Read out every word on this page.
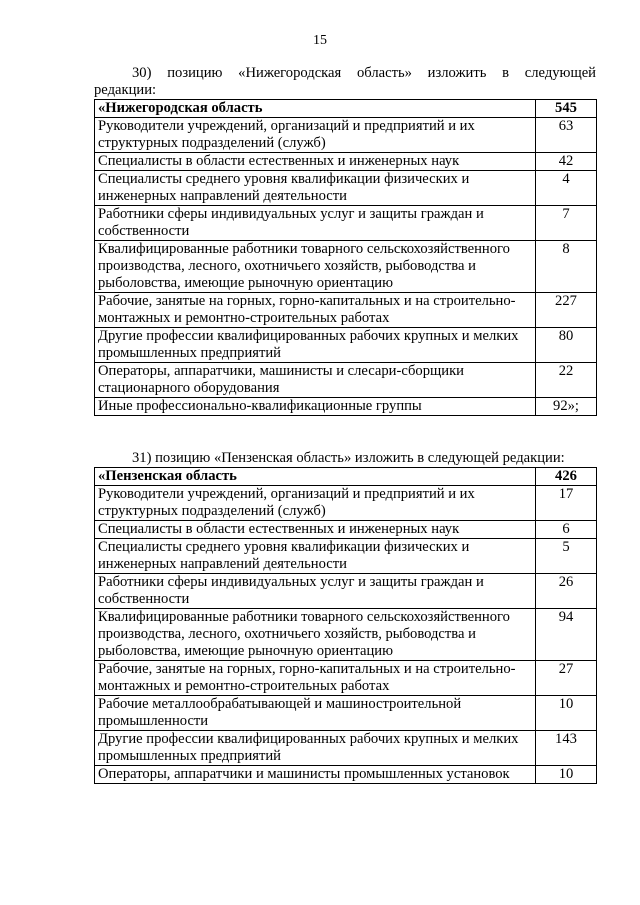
15
30) позицию «Нижегородская область» изложить в следующей
редакции:
«Нижегородская область	545
Руководители учреждений, организаций и предприятий и их структурных подразделений (служб)	63
Специалисты в области естественных и инженерных наук	42
Специалисты среднего уровня квалификации физических и инженерных направлений деятельности	4
Работники сферы индивидуальных услуг и защиты граждан и собственности	7
Квалифицированные работники товарного сельскохозяйственного производства, лесного, охотничьего хозяйств, рыбоводства и рыболовства, имеющие рыночную ориентацию	8
Рабочие, занятые на горных, горно-капитальных и на строительно-монтажных и ремонтно-строительных работах	227
Другие профессии квалифицированных рабочих крупных и мелких промышленных предприятий	80
Операторы, аппаратчики, машинисты и слесари-сборщики стационарного оборудования	22
Иные профессионально-квалификационные группы	92»;
31) позицию «Пензенская область» изложить в следующей редакции:
«Пензенская область	426
Руководители учреждений, организаций и предприятий и их структурных подразделений (служб)	17
Специалисты в области естественных и инженерных наук	6
Специалисты среднего уровня квалификации физических и инженерных направлений деятельности	5
Работники сферы индивидуальных услуг и защиты граждан и собственности	26
Квалифицированные работники товарного сельскохозяйственного производства, лесного, охотничьего хозяйств, рыбоводства и рыболовства, имеющие рыночную ориентацию	94
Рабочие, занятые на горных, горно-капитальных и на строительно-монтажных и ремонтно-строительных работах	27
Рабочие металлообрабатывающей и машиностроительной промышленности	10
Другие профессии квалифицированных рабочих крупных и мелких промышленных предприятий	143
Операторы, аппаратчики и машинисты промышленных установок	10
